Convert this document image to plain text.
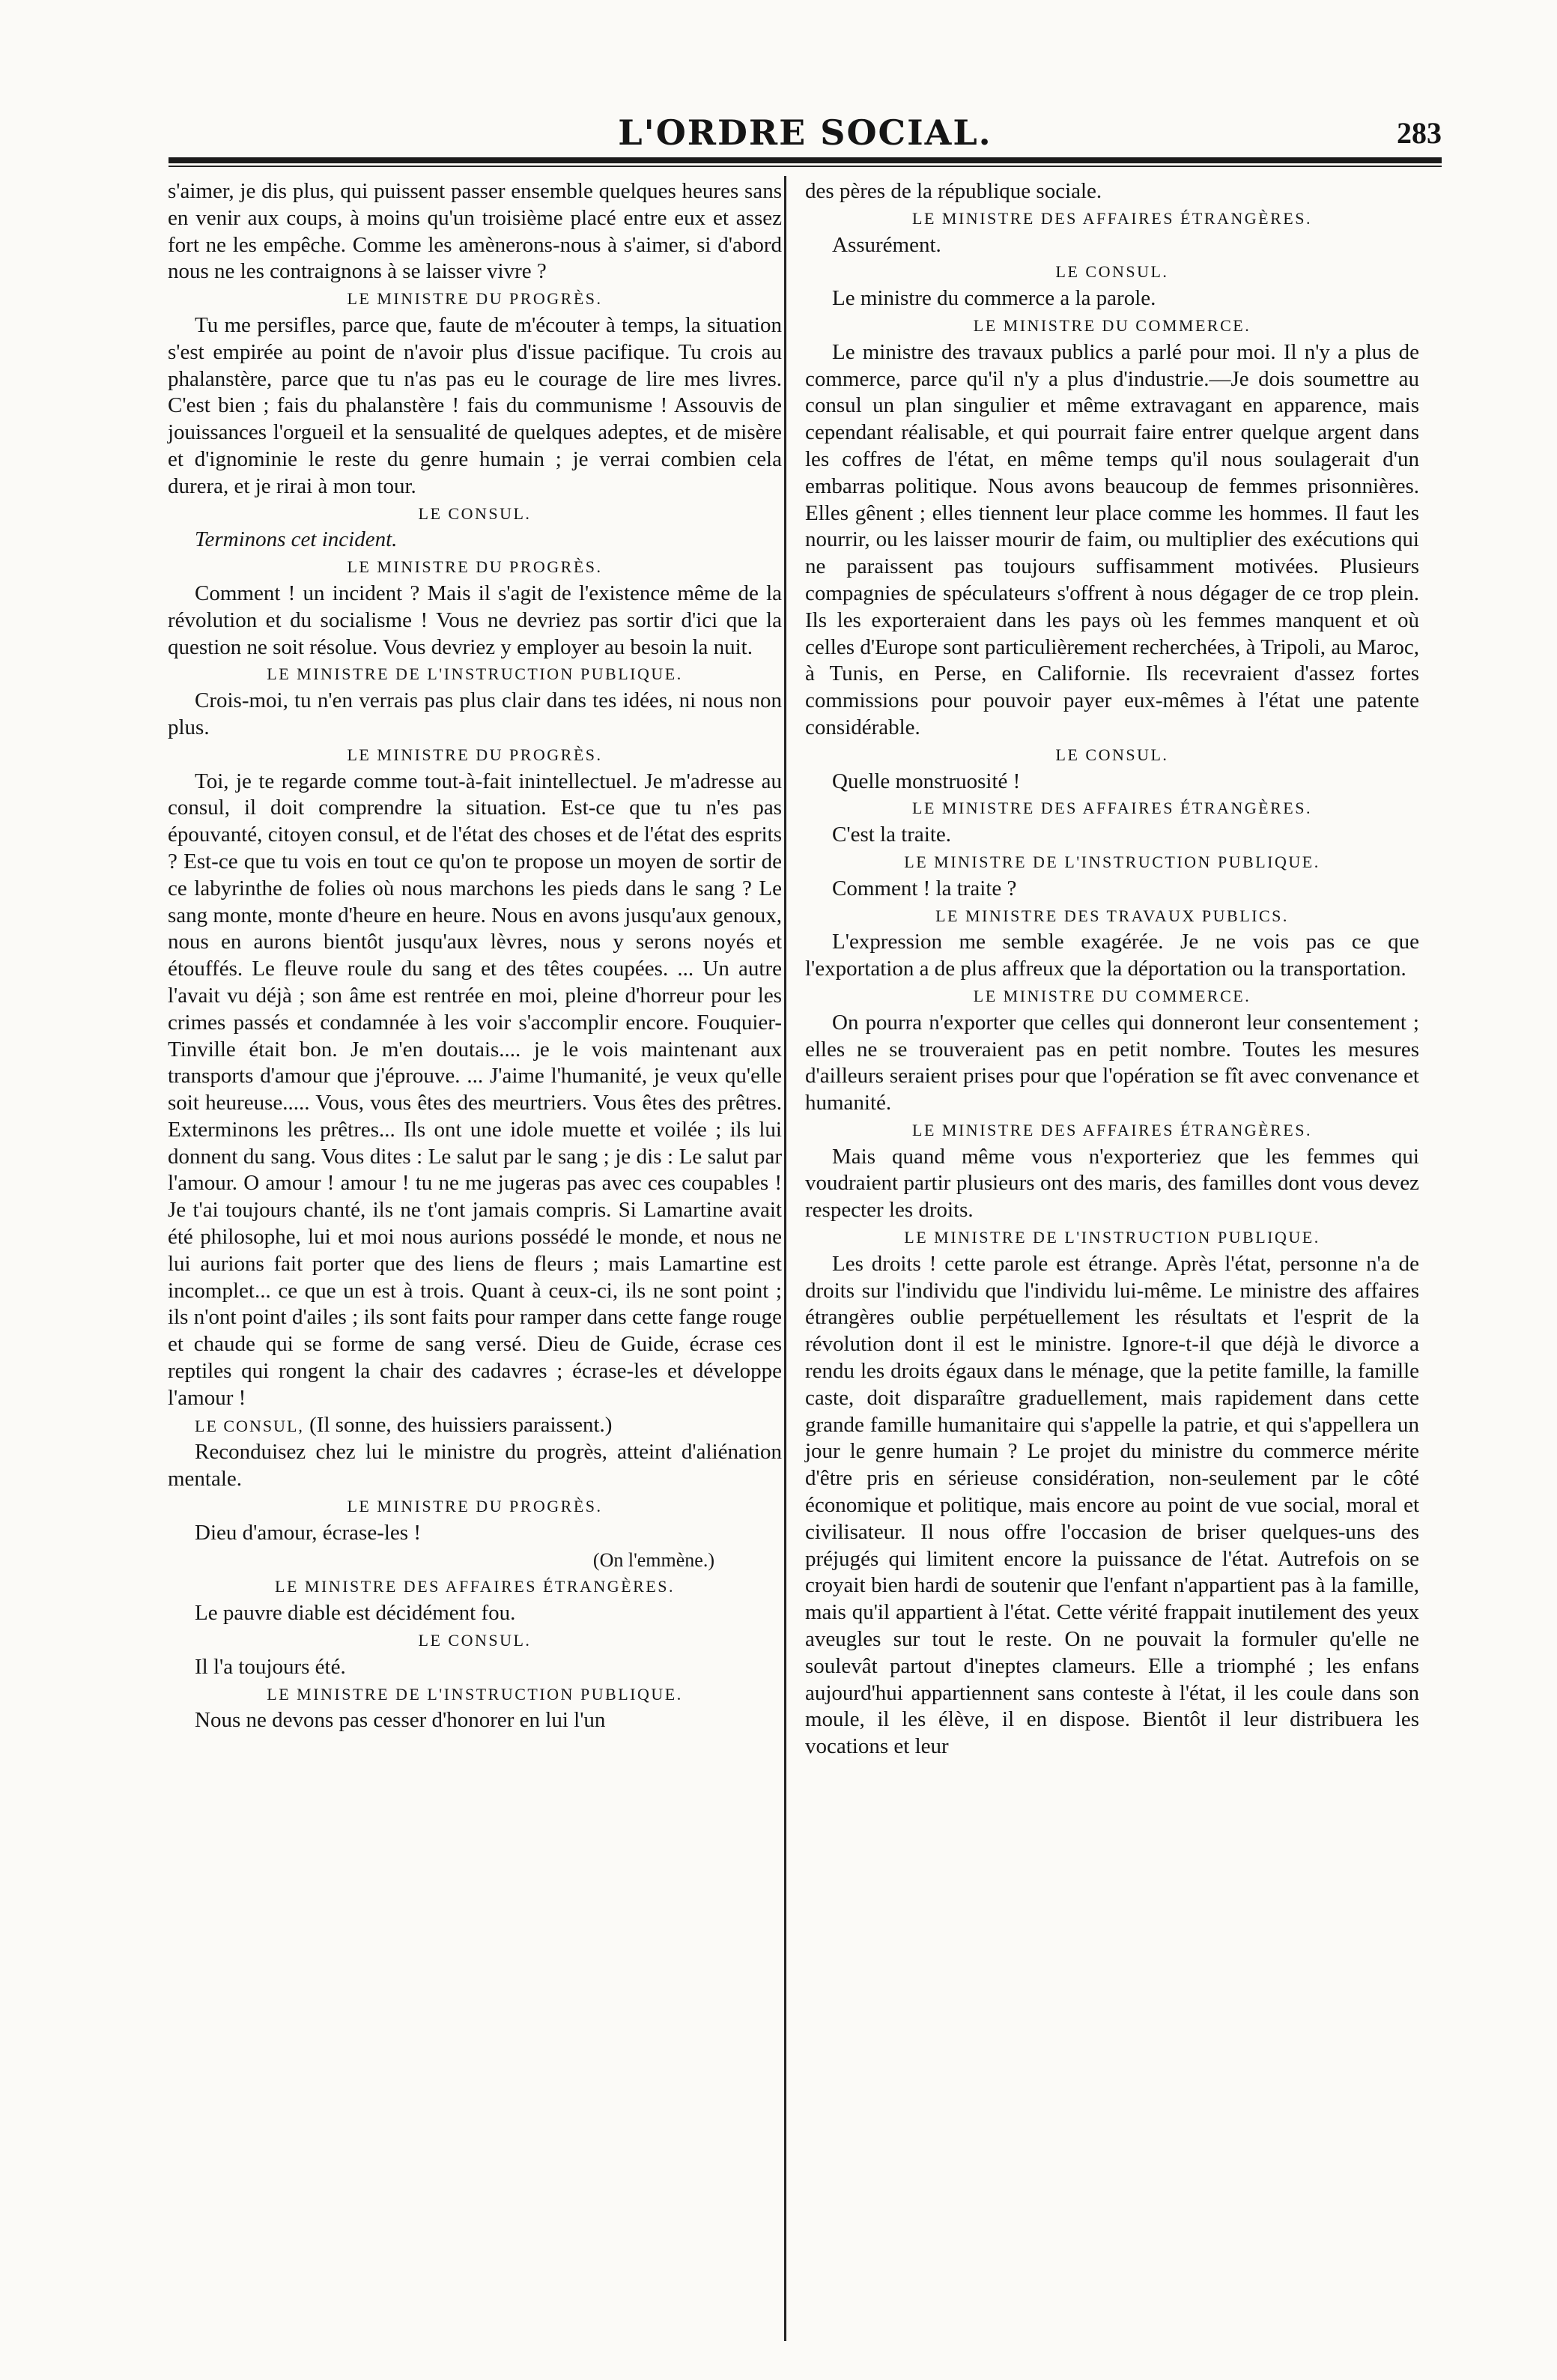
L'ORDRE SOCIAL.	283

s'aimer, je dis plus, qui puissent passer ensemble quelques heures sans en venir aux coups, à moins qu'un troisième placé entre eux et assez fort ne les empêche. Comme les amènerons-nous à s'aimer, si d'abord nous ne les contraignons à se laisser vivre ?

LE MINISTRE DU PROGRÈS.

Tu me persifles, parce que, faute de m'écouter à temps, la situation s'est empirée au point de n'avoir plus d'issue pacifique. Tu crois au phalanstère, parce que tu n'as pas eu le courage de lire mes livres. C'est bien ; fais du phalanstère ! fais du communisme ! Assouvis de jouissances l'orgueil et la sensualité de quelques adeptes, et de misère et d'ignominie le reste du genre humain ; je verrai combien cela durera, et je rirai à mon tour.

LE CONSUL.

Terminons cet incident.

LE MINISTRE DU PROGRÈS.

Comment ! un incident ? Mais il s'agit de l'existence même de la révolution et du socialisme ! Vous ne devriez pas sortir d'ici que la question ne soit résolue. Vous devriez y employer au besoin la nuit.

LE MINISTRE DE L'INSTRUCTION PUBLIQUE.

Crois-moi, tu n'en verrais pas plus clair dans tes idées, ni nous non plus.

LE MINISTRE DU PROGRÈS.

Toi, je te regarde comme tout-à-fait inintellectuel. Je m'adresse au consul, il doit comprendre la situation. Est-ce que tu n'es pas épouvanté, citoyen consul, et de l'état des choses et de l'état des esprits ? Est-ce que tu vois en tout ce qu'on te propose un moyen de sortir de ce labyrinthe de folies où nous marchons les pieds dans le sang ? Le sang monte, monte d'heure en heure. Nous en avons jusqu'aux genoux, nous en aurons bientôt jusqu'aux lèvres, nous y serons noyés et étouffés. Le fleuve roule du sang et des têtes coupées. ... Un autre l'avait vu déjà ; son âme est rentrée en moi, pleine d'horreur pour les crimes passés et condamnée à les voir s'accomplir encore. Fouquier-Tinville était bon. Je m'en doutais.... je le vois maintenant aux transports d'amour que j'éprouve. ... J'aime l'humanité, je veux qu'elle soit heureuse..... Vous, vous êtes des meurtriers. Vous êtes des prêtres. Exterminons les prêtres... Ils ont une idole muette et voilée ; ils lui donnent du sang. Vous dites : Le salut par le sang ; je dis : Le salut par l'amour. O amour ! amour ! tu ne me jugeras pas avec ces coupables ! Je t'ai toujours chanté, ils ne t'ont jamais compris. Si Lamartine avait été philosophe, lui et moi nous aurions possédé le monde, et nous ne lui aurions fait porter que des liens de fleurs ; mais Lamartine est incomplet... ce que un est à trois. Quant à ceux-ci, ils ne sont point ; ils n'ont point d'ailes ; ils sont faits pour ramper dans cette fange rouge et chaude qui se forme de sang versé. Dieu de Guide, écrase ces reptiles qui rongent la chair des cadavres ; écrase-les et développe l'amour !

LE CONSUL, (Il sonne, des huissiers paraissent.)

Reconduisez chez lui le ministre du progrès, atteint d'aliénation mentale.

LE MINISTRE DU PROGRÈS.

Dieu d'amour, écrase-les !

(On l'emmène.)

LE MINISTRE DES AFFAIRES ÉTRANGÈRES.

Le pauvre diable est décidément fou.

LE CONSUL.

Il l'a toujours été.

LE MINISTRE DE L'INSTRUCTION PUBLIQUE.

Nous ne devons pas cesser d'honorer en lui l'un

des pères de la république sociale.

LE MINISTRE DES AFFAIRES ÉTRANGÈRES.

Assurément.

LE CONSUL.

Le ministre du commerce a la parole.

LE MINISTRE DU COMMERCE.

Le ministre des travaux publics a parlé pour moi. Il n'y a plus de commerce, parce qu'il n'y a plus d'industrie.—Je dois soumettre au consul un plan singulier et même extravagant en apparence, mais cependant réalisable, et qui pourrait faire entrer quelque argent dans les coffres de l'état, en même temps qu'il nous soulagerait d'un embarras politique. Nous avons beaucoup de femmes prisonnières. Elles gênent ; elles tiennent leur place comme les hommes. Il faut les nourrir, ou les laisser mourir de faim, ou multiplier des exécutions qui ne paraissent pas toujours suffisamment motivées. Plusieurs compagnies de spéculateurs s'offrent à nous dégager de ce trop plein. Ils les exporteraient dans les pays où les femmes manquent et où celles d'Europe sont particulièrement recherchées, à Tripoli, au Maroc, à Tunis, en Perse, en Californie. Ils recevraient d'assez fortes commissions pour pouvoir payer eux-mêmes à l'état une patente considérable.

LE CONSUL.

Quelle monstruosité !

LE MINISTRE DES AFFAIRES ÉTRANGÈRES.

C'est la traite.

LE MINISTRE DE L'INSTRUCTION PUBLIQUE.

Comment ! la traite ?

LE MINISTRE DES TRAVAUX PUBLICS.

L'expression me semble exagérée. Je ne vois pas ce que l'exportation a de plus affreux que la déportation ou la transportation.

LE MINISTRE DU COMMERCE.

On pourra n'exporter que celles qui donneront leur consentement ; elles ne se trouveraient pas en petit nombre. Toutes les mesures d'ailleurs seraient prises pour que l'opération se fît avec convenance et humanité.

LE MINISTRE DES AFFAIRES ÉTRANGÈRES.

Mais quand même vous n'exporteriez que les femmes qui voudraient partir plusieurs ont des maris, des familles dont vous devez respecter les droits.

LE MINISTRE DE L'INSTRUCTION PUBLIQUE.

Les droits ! cette parole est étrange. Après l'état, personne n'a de droits sur l'individu que l'individu lui-même. Le ministre des affaires étrangères oublie perpétuellement les résultats et l'esprit de la révolution dont il est le ministre. Ignore-t-il que déjà le divorce a rendu les droits égaux dans le ménage, que la petite famille, la famille caste, doit disparaître graduellement, mais rapidement dans cette grande famille humanitaire qui s'appelle la patrie, et qui s'appellera un jour le genre humain ? Le projet du ministre du commerce mérite d'être pris en sérieuse considération, non-seulement par le côté économique et politique, mais encore au point de vue social, moral et civilisateur. Il nous offre l'occasion de briser quelques-uns des préjugés qui limitent encore la puissance de l'état. Autrefois on se croyait bien hardi de soutenir que l'enfant n'appartient pas à la famille, mais qu'il appartient à l'état. Cette vérité frappait inutilement des yeux aveugles sur tout le reste. On ne pouvait la formuler qu'elle ne soulevât partout d'ineptes clameurs. Elle a triomphé ; les enfans aujourd'hui appartiennent sans conteste à l'état, il les coule dans son moule, il les élève, il en dispose. Bientôt il leur distribuera les vocations et leur
